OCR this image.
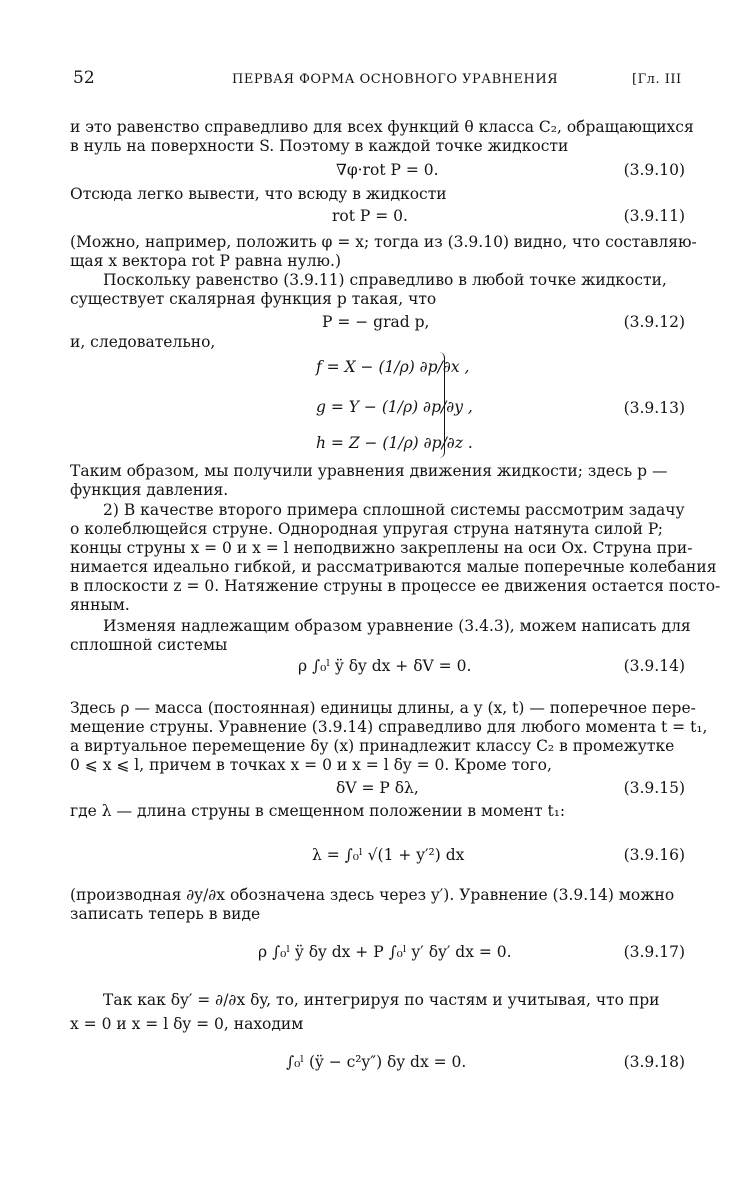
52	ПЕРВАЯ ФОРМА ОСНОВНОГО УРАВНЕНИЯ	[Гл. III
и это равенство справедливо для всех функций θ класса C₂, обращающихся
в нуль на поверхности S. Поэтому в каждой точке жидкости
∇φ·rot P = 0.	(3.9.10)
Отсюда легко вывести, что всюду в жидкости
rot P = 0.	(3.9.11)
(Можно, например, положить φ = x; тогда из (3.9.10) видно, что составляю-
щая x вектора rot P равна нулю.)
Поскольку равенство (3.9.11) справедливо в любой точке жидкости,
существует скалярная функция p такая, что
P = − grad p,	(3.9.12)
и, следовательно,
f = X − (1/ρ) ∂p/∂x ,
g = Y − (1/ρ) ∂p/∂y ,
h = Z − (1/ρ) ∂p/∂z .
(3.9.13)
Таким образом, мы получили уравнения движения жидкости; здесь p —
функция давления.
2) В качестве второго примера сплошной системы рассмотрим задачу
о колеблющейся струне. Однородная упругая струна натянута силой P;
концы струны x = 0 и x = l неподвижно закреплены на оси Ox. Струна при-
нимается идеально гибкой, и рассматриваются малые поперечные колебания
в плоскости z = 0. Натяжение струны в процессе ее движения остается посто-
янным.
Изменяя надлежащим образом уравнение (3.4.3), можем написать для
сплошной системы
ρ ∫₀ˡ ÿ δy dx + δV = 0.	(3.9.14)
Здесь ρ — масса (постоянная) единицы длины, а y (x, t) — поперечное пере-
мещение струны. Уравнение (3.9.14) справедливо для любого момента t = t₁,
а виртуальное перемещение δy (x) принадлежит классу C₂ в промежутке
0 ⩽ x ⩽ l, причем в точках x = 0 и x = l δy = 0. Кроме того,
δV = P δλ,	(3.9.15)
где λ — длина струны в смещенном положении в момент t₁:
λ = ∫₀ˡ √(1 + y′²) dx	(3.9.16)
(производная ∂y/∂x обозначена здесь через y′). Уравнение (3.9.14) можно
записать теперь в виде
ρ ∫₀ˡ ÿ δy dx + P ∫₀ˡ y′ δy′ dx = 0.	(3.9.17)
Так как δy′ = ∂/∂x δy, то, интегрируя по частям и учитывая, что при
x = 0 и x = l δy = 0, находим
∫₀ˡ (ÿ − c²y″) δy dx = 0.	(3.9.18)
